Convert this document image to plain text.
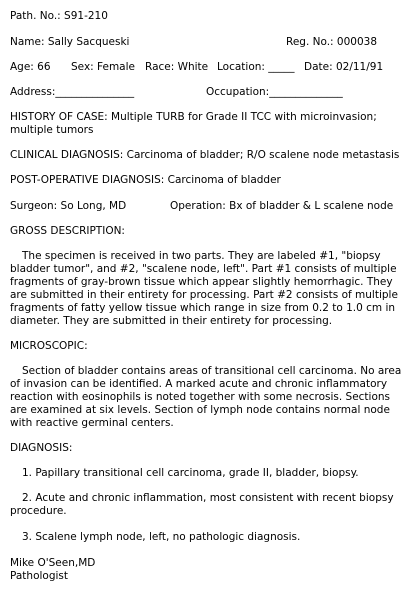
Path. No.: S91-210
Name: Sally Sacqueski	Reg. No.: 000038
Age: 66 Sex: Female Race: White Location: _____ Date: 02/11/91
Address:_______________	Occupation:______________
HISTORY OF CASE: Multiple TURB for Grade II TCC with microinvasion; multiple tumors
CLINICAL DIAGNOSIS: Carcinoma of bladder; R/O scalene node metastasis
POST-OPERATIVE DIAGNOSIS: Carcinoma of bladder
Surgeon: So Long, MD	Operation: Bx of bladder & L scalene node
GROSS DESCRIPTION:
The specimen is received in two parts. They are labeled #1, "biopsy bladder tumor", and #2, "scalene node, left". Part #1 consists of multiple fragments of gray-brown tissue which appear slightly hemorrhagic. They are submitted in their entirety for processing. Part #2 consists of multiple fragments of fatty yellow tissue which range in size from 0.2 to 1.0 cm in diameter. They are submitted in their entirety for processing.
MICROSCOPIC:
Section of bladder contains areas of transitional cell carcinoma. No area of invasion can be identified. A marked acute and chronic inflammatory reaction with eosinophils is noted together with some necrosis. Sections are examined at six levels. Section of lymph node contains normal node with reactive germinal centers.
DIAGNOSIS:
1. Papillary transitional cell carcinoma, grade II, bladder, biopsy.
2. Acute and chronic inflammation, most consistent with recent biopsy procedure.
3. Scalene lymph node, left, no pathologic diagnosis.
Mike O'Seen,MD
Pathologist
